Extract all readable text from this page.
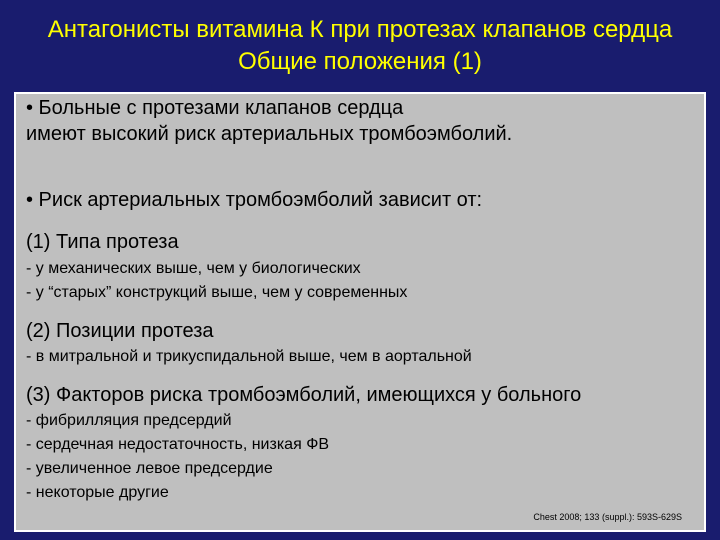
Антагонисты витамина К при протезах клапанов сердца
Общие положения (1)
• Больные с протезами клапанов сердца
имеют высокий риск артериальных тромбоэмболий.
• Риск артериальных тромбоэмболий зависит от:
(1) Типа протеза
- у механических выше, чем у биологических
- у “старых” конструкций выше, чем у современных
(2) Позиции протеза
- в митральной и трикуспидальной выше, чем в аортальной
(3) Факторов риска тромбоэмболий, имеющихся у больного
- фибрилляция предсердий
- сердечная недостаточность, низкая ФВ
- увеличенное левое предсердие
- некоторые другие
Chest 2008; 133 (suppl.): 593S-629S
